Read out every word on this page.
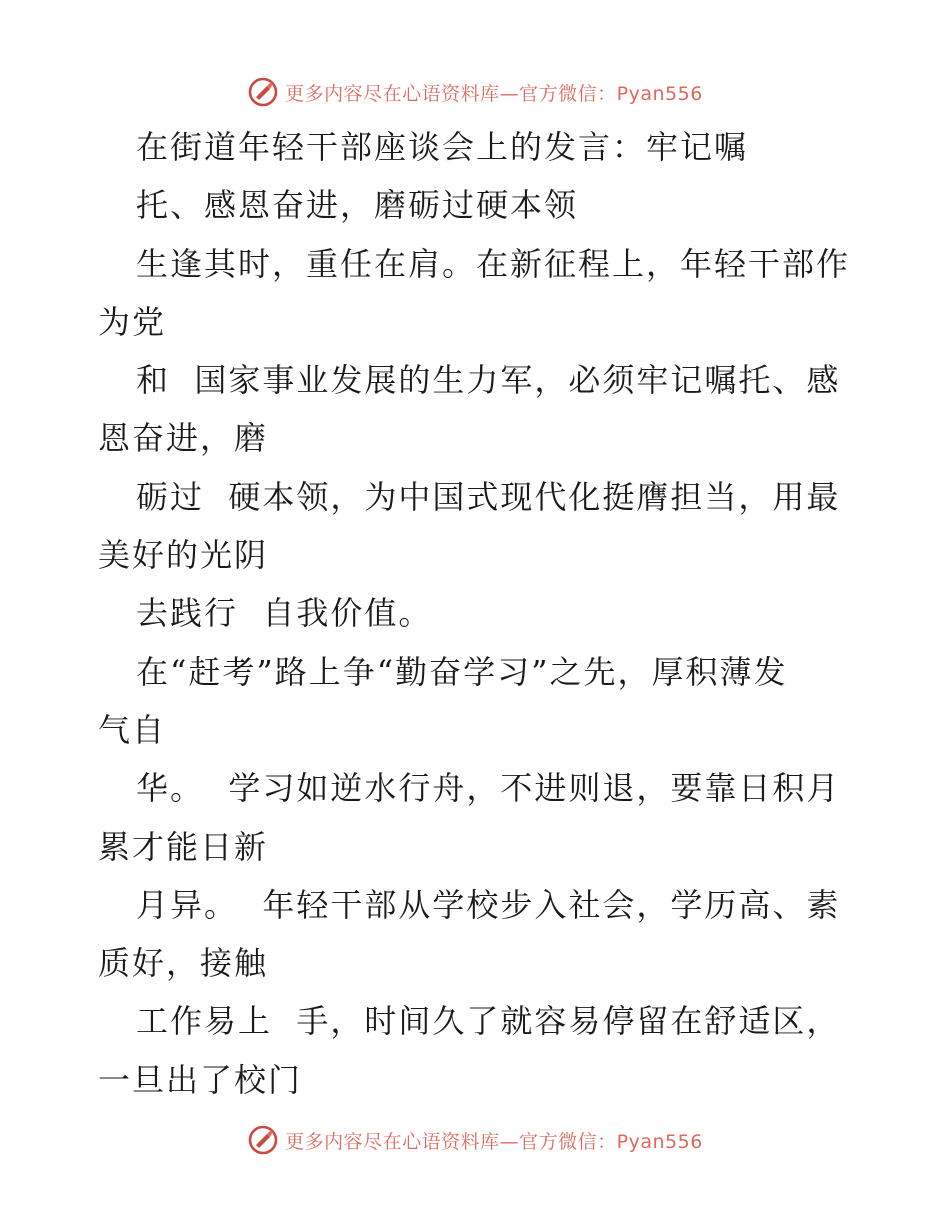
更多内容尽在心语资料库—官方微信：Pyan556
在街道年轻干部座谈会上的发言：牢记嘱
托、感恩奋进，磨砺过硬本领
生逢其时，重任在肩。在新征程上，年轻干部作
为党
和  国家事业发展的生力军，必须牢记嘱托、感
恩奋进，磨
砺过  硬本领，为中国式现代化挺膺担当，用最
美好的光阴
去践行  自我价值。
在“赶考”路上争“勤奋学习”之先，厚积薄发
气自
华。  学习如逆水行舟，不进则退，要靠日积月
累才能日新
月异。  年轻干部从学校步入社会，学历高、素
质好，接触
工作易上  手，时间久了就容易停留在舒适区，
一旦出了校门
更多内容尽在心语资料库—官方微信：Pyan556
